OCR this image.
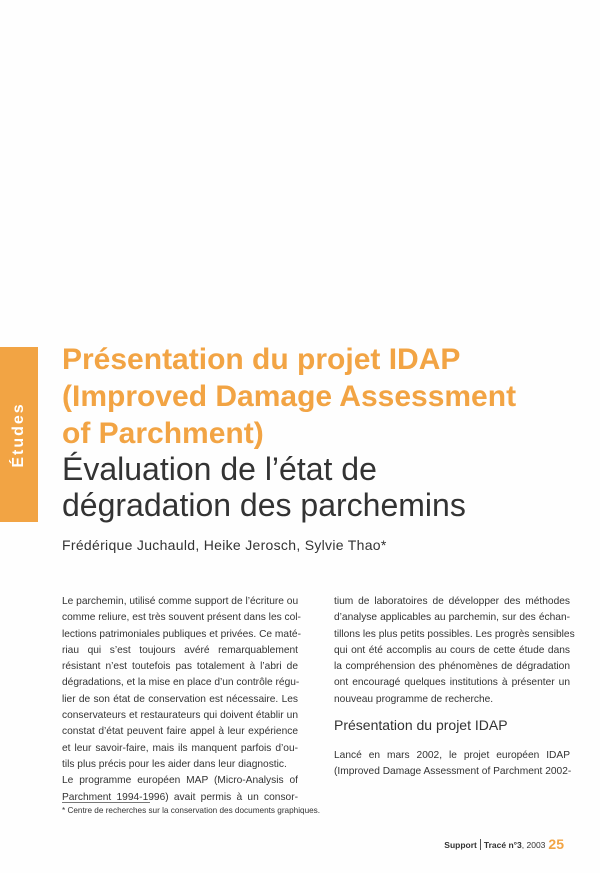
Études
Présentation du projet IDAP
(Improved Damage Assessment
of Parchment)
Évaluation de l’état de
dégradation des parchemins
Frédérique Juchauld, Heike Jerosch, Sylvie Thao*
Le parchemin, utilisé comme support de l’écriture ou
comme reliure, est très souvent présent dans les col-
lections patrimoniales publiques et privées. Ce maté-
riau qui s’est toujours avéré remarquablement
résistant n’est toutefois pas totalement à l’abri de
dégradations, et la mise en place d’un contrôle régu-
lier de son état de conservation est nécessaire. Les
conservateurs et restaurateurs qui doivent établir un
constat d’état peuvent faire appel à leur expérience
et leur savoir-faire, mais ils manquent parfois d’ou-
tils plus précis pour les aider dans leur diagnostic.
Le programme européen MAP (Micro-Analysis of
Parchment 1994-1996) avait permis à un consor-
tium de laboratoires de développer des méthodes
d’analyse applicables au parchemin, sur des échan-
tillons les plus petits possibles. Les progrès sensibles
qui ont été accomplis au cours de cette étude dans
la compréhension des phénomènes de dégradation
ont encouragé quelques institutions à présenter un
nouveau programme de recherche.
Présentation du projet IDAP
Lancé en mars 2002, le projet européen IDAP
(Improved Damage Assessment of Parchment 2002-
* Centre de recherches sur la conservation des documents graphiques.
Support Tracé n°3, 2003 25
